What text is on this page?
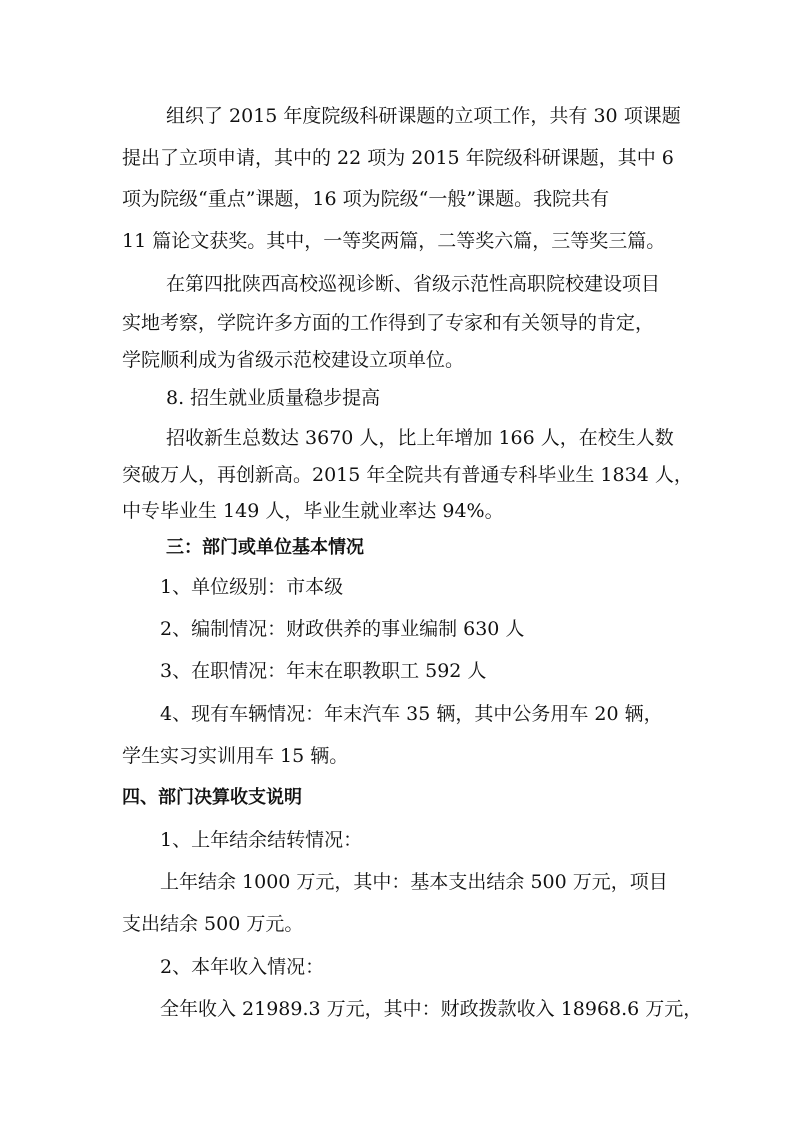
组织了 2015 年度院级科研课题的立项工作，共有 30 项课题
提出了立项申请，其中的 22 项为 2015 年院级科研课题，其中 6
项为院级“重点”课题，16 项为院级“一般”课题。我院共有
11 篇论文获奖。其中，一等奖两篇，二等奖六篇，三等奖三篇。
在第四批陕西高校巡视诊断、省级示范性高职院校建设项目
实地考察，学院许多方面的工作得到了专家和有关领导的肯定，
学院顺利成为省级示范校建设立项单位。
8. 招生就业质量稳步提高
招收新生总数达 3670 人，比上年增加 166 人，在校生人数
突破万人，再创新高。2015 年全院共有普通专科毕业生 1834 人，
中专毕业生 149 人，毕业生就业率达 94%。
三：部门或单位基本情况
1、单位级别：市本级
2、编制情况：财政供养的事业编制 630 人
3、在职情况：年末在职教职工 592 人
4、现有车辆情况：年末汽车 35 辆，其中公务用车 20 辆，
学生实习实训用车 15 辆。
四、部门决算收支说明
1、上年结余结转情况：
上年结余 1000 万元，其中：基本支出结余 500 万元，项目
支出结余 500 万元。
2、本年收入情况：
全年收入 21989.3 万元，其中：财政拨款收入 18968.6 万元，
